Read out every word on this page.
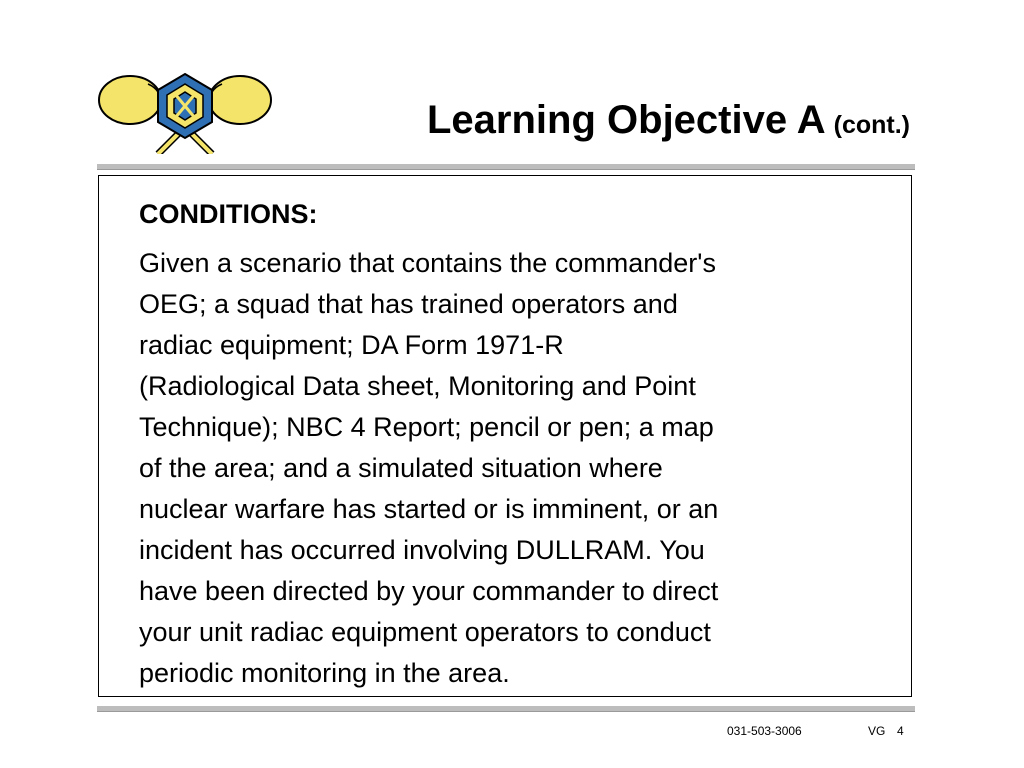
Learning Objective A (cont.)

CONDITIONS:

Given a scenario that contains the commander's
OEG; a squad that has trained operators and
radiac equipment; DA Form 1971-R
(Radiological Data sheet, Monitoring and Point
Technique); NBC 4 Report; pencil or pen; a map
of the area; and a simulated situation where
nuclear warfare has started or is imminent, or an
incident has occurred involving DULLRAM. You
have been directed by your commander to direct
your unit radiac equipment operators to conduct
periodic monitoring in the area.

031-503-3006	VG 4
